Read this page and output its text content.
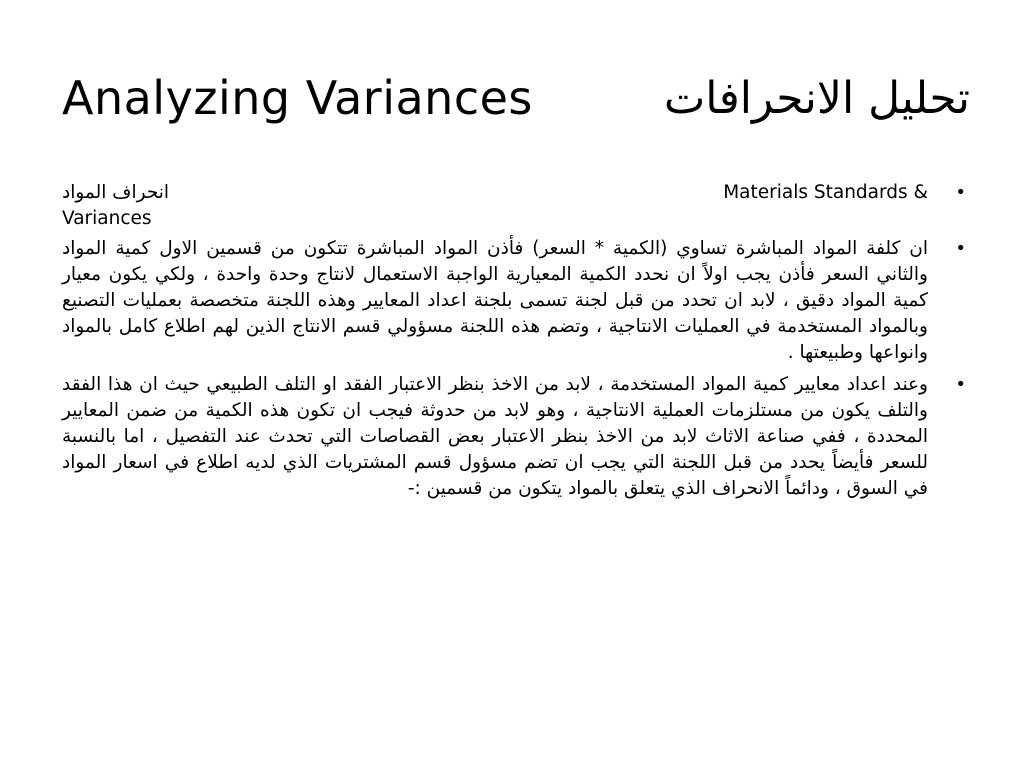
Analyzing Variances	تحليل الانحرافات
•
انحراف المواد
Variances
Materials Standards &
•
ان كلفة المواد المباشرة تساوي (الكمية * السعر) فأذن المواد المباشرة تتكون من قسمين الاول كمية المواد والثاني السعر فأذن يجب اولاً ان نحدد الكمية المعيارية الواجبة الاستعمال لانتاج وحدة واحدة ، ولكي يكون معيار كمية المواد دقيق ، لابد ان تحدد من قبل لجنة تسمى بلجنة اعداد المعايير وهذه اللجنة متخصصة بعمليات التصنيع وبالمواد المستخدمة في العمليات الانتاجية ، وتضم هذه اللجنة مسؤولي قسم الانتاج الذين لهم اطلاع كامل بالمواد وانواعها وطبيعتها .
•
وعند اعداد معايير كمية المواد المستخدمة ، لابد من الاخذ بنظر الاعتبار الفقد او التلف الطبيعي حيث ان هذا الفقد والتلف يكون من مستلزمات العملية الانتاجية ، وهو لابد من حدوثة فيجب ان تكون هذه الكمية من ضمن المعايير المحددة ، ففي صناعة الاثاث لابد من الاخذ بنظر الاعتبار بعض القصاصات التي تحدث عند التفصيل ، اما بالنسبة للسعر فأيضاً يحدد من قبل اللجنة التي يجب ان تضم مسؤول قسم المشتريات الذي لديه اطلاع في اسعار المواد في السوق ، ودائماً الانحراف الذي يتعلق بالمواد يتكون من قسمين :-
